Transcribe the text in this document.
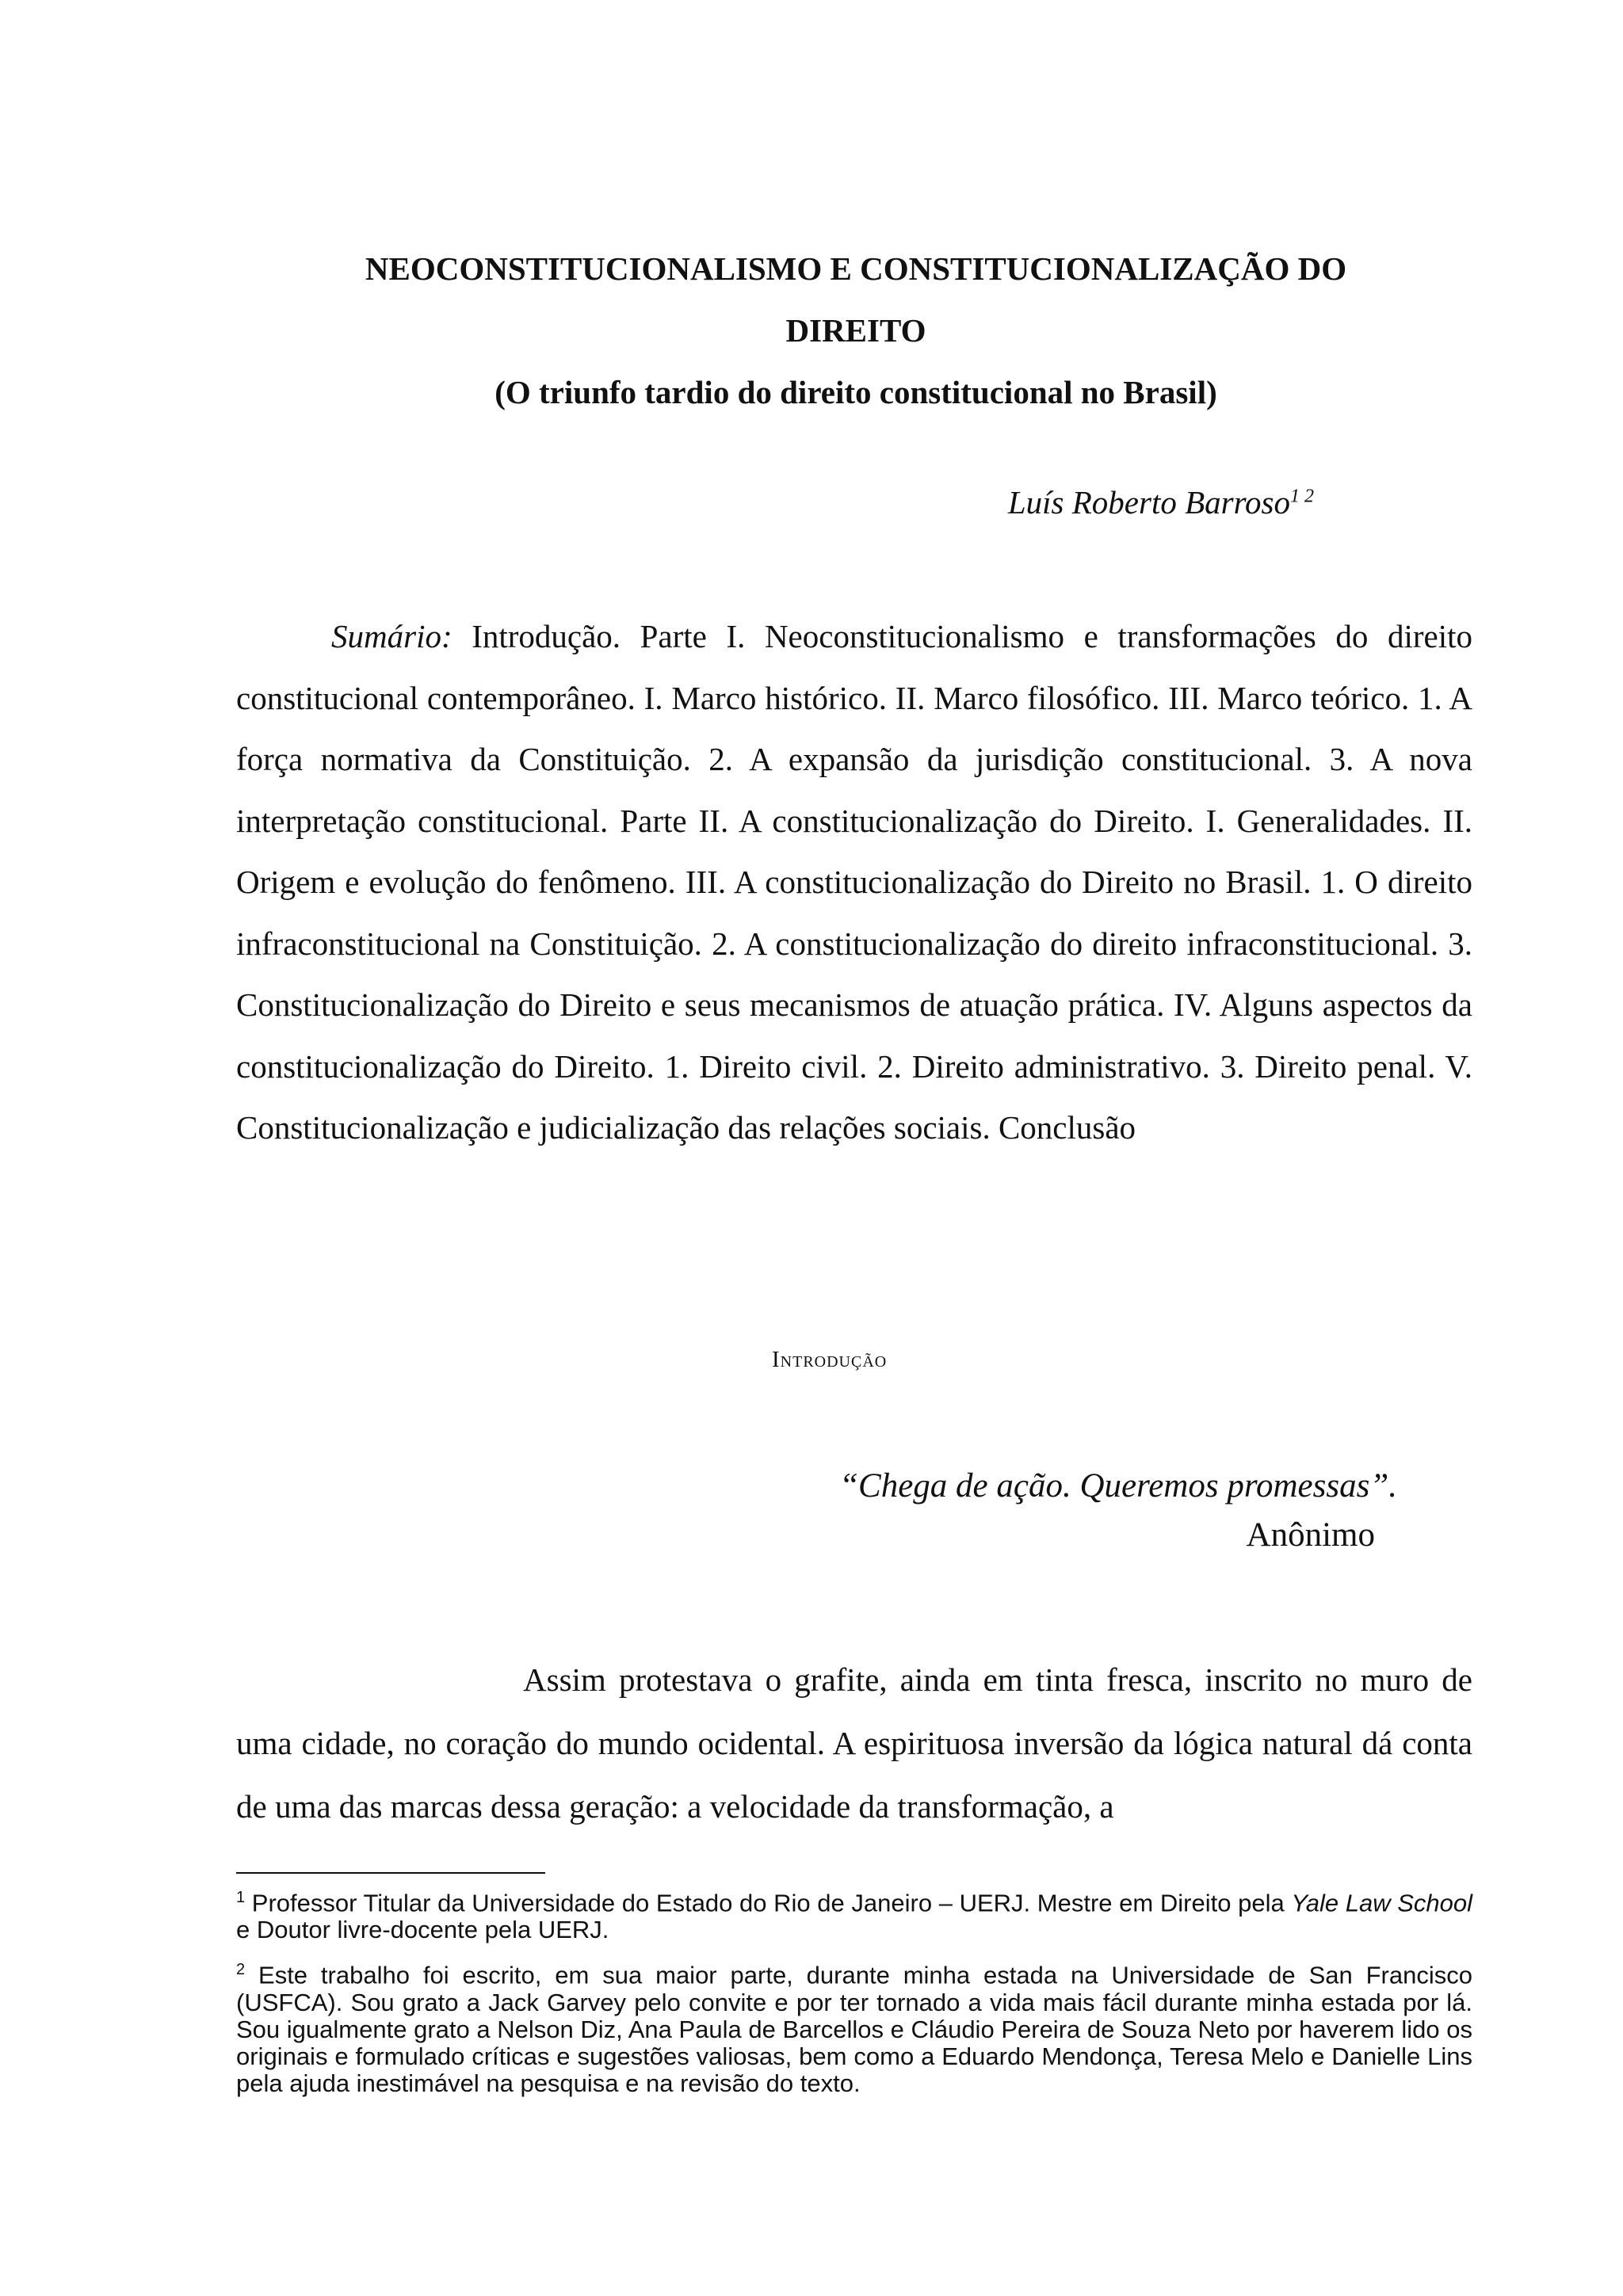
NEOCONSTITUCIONALISMO E CONSTITUCIONALIZAÇÃO DO
DIREITO
(O triunfo tardio do direito constitucional no Brasil)
Luís Roberto Barroso$^{1 2}$
Sumário: Introdução. Parte I. Neoconstitucionalismo e transformações do direito constitucional contemporâneo. I. Marco histórico. II. Marco filosófico. III. Marco teórico. 1. A força normativa da Constituição. 2. A expansão da jurisdição constitucional. 3. A nova interpretação constitucional. Parte II. A constitucionalização do Direito. I. Generalidades. II. Origem e evolução do fenômeno. III. A constitucionalização do Direito no Brasil. 1. O direito infraconstitucional na Constituição. 2. A constitucionalização do direito infraconstitucional. 3. Constitucionalização do Direito e seus mecanismos de atuação prática. IV. Alguns aspectos da constitucionalização do Direito. 1. Direito civil. 2. Direito administrativo. 3. Direito penal. V. Constitucionalização e judicialização das relações sociais. Conclusão
Introdução
“Chega de ação. Queremos promessas”.
Anônimo
Assim protestava o grafite, ainda em tinta fresca, inscrito no muro de uma cidade, no coração do mundo ocidental. A espirituosa inversão da lógica natural dá conta de uma das marcas dessa geração: a velocidade da transformação, a

$^1$ Professor Titular da Universidade do Estado do Rio de Janeiro – UERJ. Mestre em Direito pela Yale Law School e Doutor livre-docente pela UERJ.

$^2$ Este trabalho foi escrito, em sua maior parte, durante minha estada na Universidade de San Francisco (USFCA). Sou grato a Jack Garvey pelo convite e por ter tornado a vida mais fácil durante minha estada por lá. Sou igualmente grato a Nelson Diz, Ana Paula de Barcellos e Cláudio Pereira de Souza Neto por haverem lido os originais e formulado críticas e sugestões valiosas, bem como a Eduardo Mendonça, Teresa Melo e Danielle Lins pela ajuda inestimável na pesquisa e na revisão do texto.
